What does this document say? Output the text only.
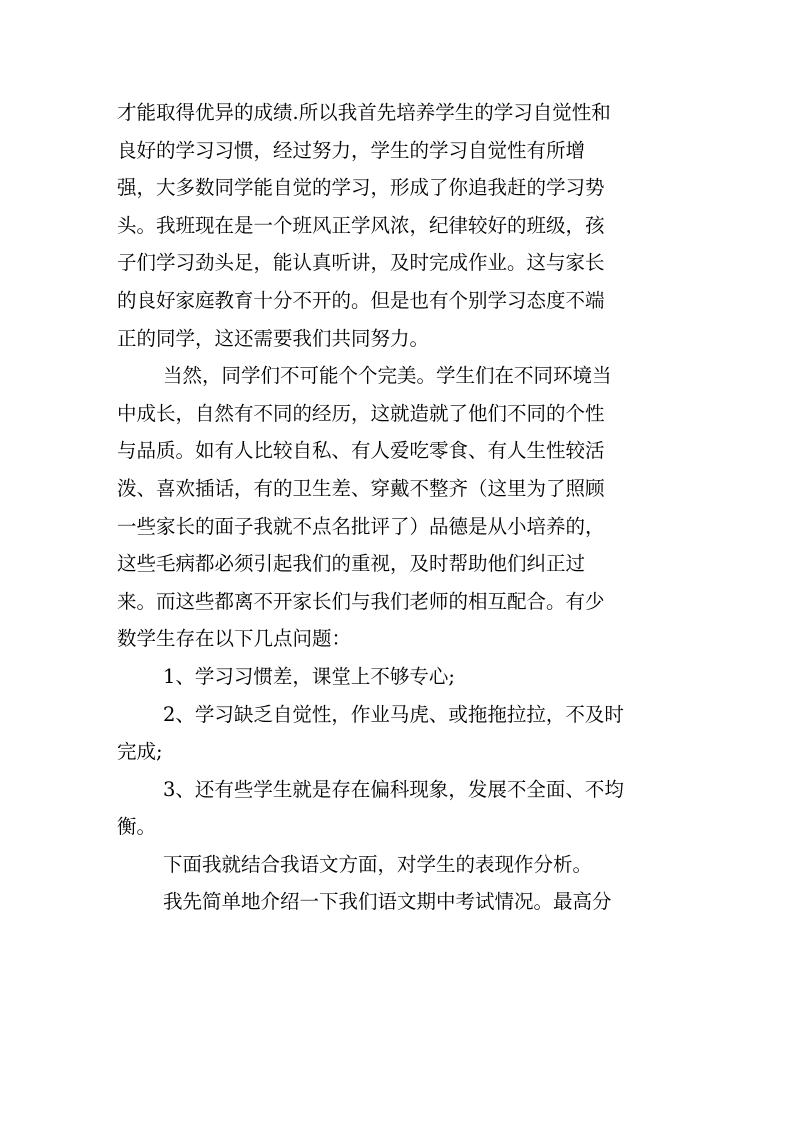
才能取得优异的成绩.所以我首先培养学生的学习自觉性和
良好的学习习惯，经过努力，学生的学习自觉性有所增
强，大多数同学能自觉的学习，形成了你追我赶的学习势
头。我班现在是一个班风正学风浓，纪律较好的班级，孩
子们学习劲头足，能认真听讲，及时完成作业。这与家长
的良好家庭教育十分不开的。但是也有个别学习态度不端
正的同学，这还需要我们共同努力。
当然，同学们不可能个个完美。学生们在不同环境当
中成长，自然有不同的经历，这就造就了他们不同的个性
与品质。如有人比较自私、有人爱吃零食、有人生性较活
泼、喜欢插话，有的卫生差、穿戴不整齐（这里为了照顾
一些家长的面子我就不点名批评了）品德是从小培养的，
这些毛病都必须引起我们的重视，及时帮助他们纠正过
来。而这些都离不开家长们与我们老师的相互配合。有少
数学生存在以下几点问题：
1、学习习惯差，课堂上不够专心;
2、学习缺乏自觉性，作业马虎、或拖拖拉拉，不及时
完成;
3、还有些学生就是存在偏科现象，发展不全面、不均
衡。
下面我就结合我语文方面，对学生的表现作分析。
我先简单地介绍一下我们语文期中考试情况。最高分
